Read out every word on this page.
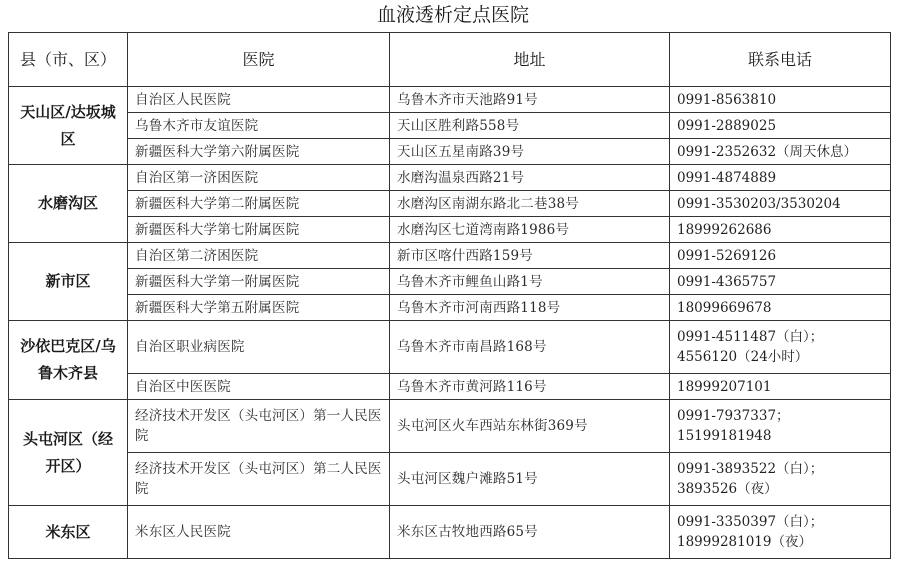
血液透析定点医院
县（市、区）	医院	地址	联系电话
天山区/达坂城区	自治区人民医院	乌鲁木齐市天池路91号	0991-8563810
	乌鲁木齐市友谊医院	天山区胜利路558号	0991-2889025
	新疆医科大学第六附属医院	天山区五星南路39号	0991-2352632（周天休息）
水磨沟区	自治区第一济困医院	水磨沟温泉西路21号	0991-4874889
	新疆医科大学第二附属医院	水磨沟区南湖东路北二巷38号	0991-3530203/3530204
	新疆医科大学第七附属医院	水磨沟区七道湾南路1986号	18999262686
新市区	自治区第二济困医院	新市区喀什西路159号	0991-5269126
	新疆医科大学第一附属医院	乌鲁木齐市鲤鱼山路1号	0991-4365757
	新疆医科大学第五附属医院	乌鲁木齐市河南西路118号	18099669678
沙依巴克区/乌鲁木齐县	自治区职业病医院	乌鲁木齐市南昌路168号	0991-4511487（白）；4556120（24小时）
	自治区中医医院	乌鲁木齐市黄河路116号	18999207101
头屯河区（经开区）	经济技术开发区（头屯河区）第一人民医院	头屯河区火车西站东林街369号	0991-7937337；15199181948
	经济技术开发区（头屯河区）第二人民医院	头屯河区魏户滩路51号	0991-3893522（白）；3893526（夜）
米东区	米东区人民医院	米东区古牧地西路65号	0991-3350397（白）；18999281019（夜）
